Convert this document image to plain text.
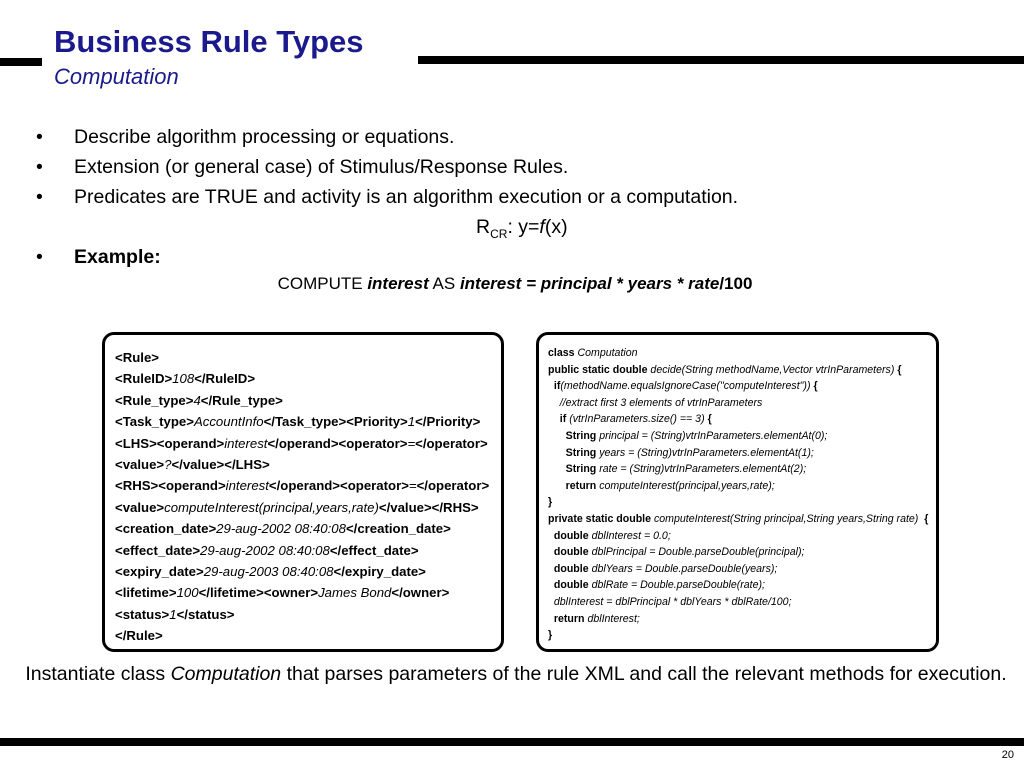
Business Rule Types
Computation
• Describe algorithm processing or equations.
• Extension (or general case) of Stimulus/Response Rules.
• Predicates are TRUE and activity is an algorithm execution or a computation.
$R_{CR}$: y=f(x)
• Example:
COMPUTE interest AS interest = principal * years * rate/100
<Rule>
<RuleID>108</RuleID>
<Rule_type>4</Rule_type>
<Task_type>AccountInfo</Task_type><Priority>1</Priority>
<LHS><operand>interest</operand><operator>=</operator>
<value>?</value></LHS>
<RHS><operand>interest</operand><operator>=</operator>
<value>computeInterest(principal,years,rate)</value></RHS>
<creation_date>29-aug-2002 08:40:08</creation_date>
<effect_date>29-aug-2002 08:40:08</effect_date>
<expiry_date>29-aug-2003 08:40:08</expiry_date>
<lifetime>100</lifetime><owner>James Bond</owner>
<status>1</status>
</Rule>
class Computation
public static double decide(String methodName,Vector vtrInParameters) {
if(methodName.equalsIgnoreCase("computeInterest")) {
//extract first 3 elements of vtrInParameters
if (vtrInParameters.size() == 3) {
String principal = (String)vtrInParameters.elementAt(0);
String years = (String)vtrInParameters.elementAt(1);
String rate = (String)vtrInParameters.elementAt(2);
return computeInterest(principal,years,rate);
}
private static double computeInterest(String principal,String years,String rate)  {
double dblInterest = 0.0;
double dblPrincipal = Double.parseDouble(principal);
double dblYears = Double.parseDouble(years);
double dblRate = Double.parseDouble(rate);
dblInterest = dblPrincipal * dblYears * dblRate/100;
return dblInterest;
}
Instantiate class Computation that parses parameters of the rule XML and call the relevant methods for execution.
20
